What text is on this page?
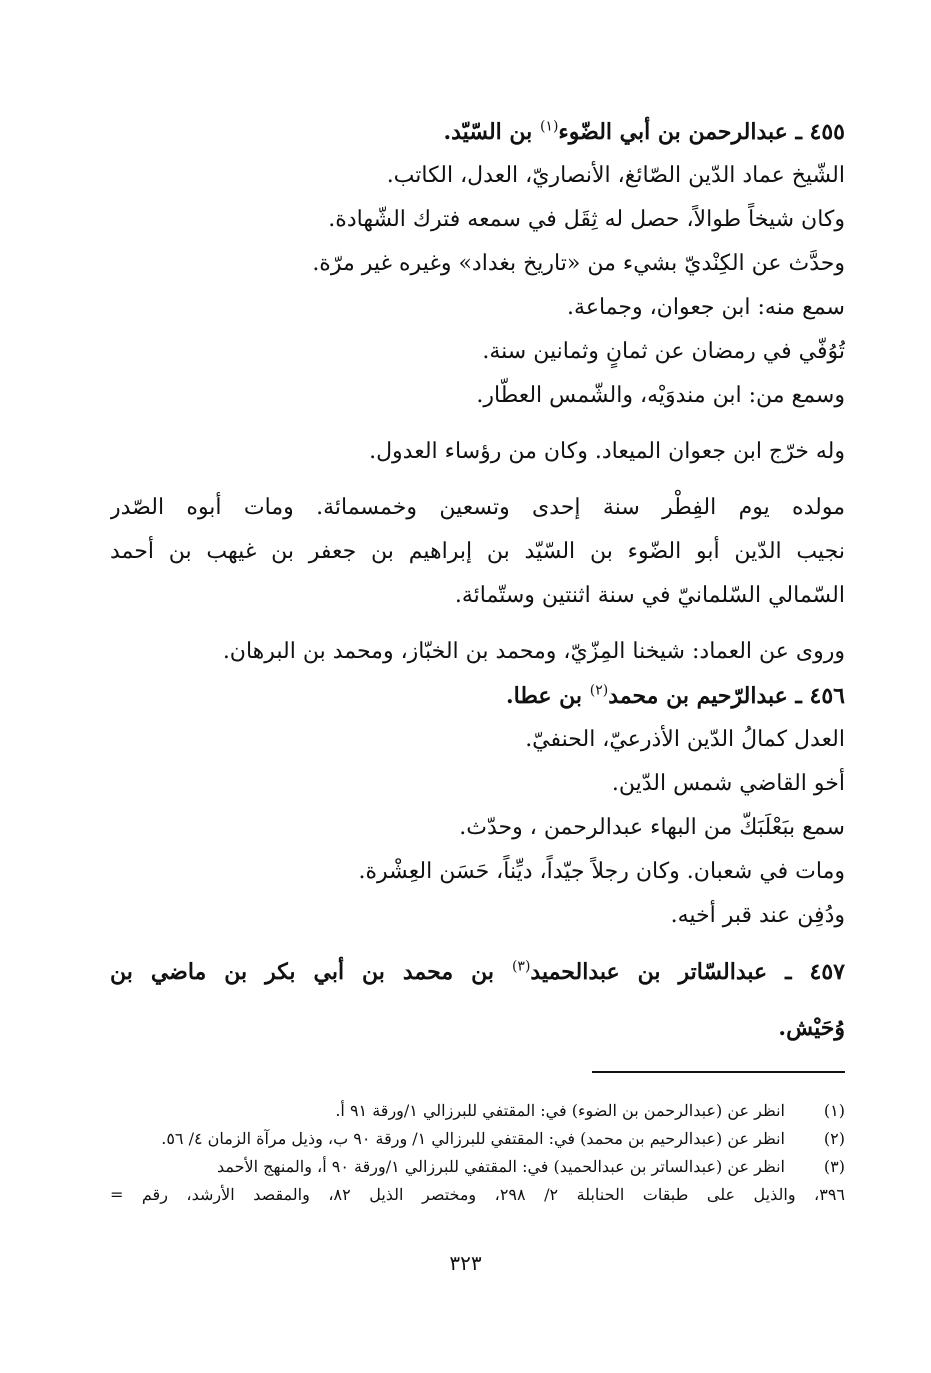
٤٥٥ ـ عبدالرحمن بن أبي الضّوء$^{(١)}$ بن السّيّد.
الشّيخ عماد الدّين الصّائغ، الأنصاريّ، العدل، الكاتب.
وكان شيخاً طوالاً، حصل له ثِقَل في سمعه فترك الشّهادة.
وحدَّث عن الكِنْديّ بشيء من «تاريخ بغداد» وغيره غير مرّة.
سمع منه: ابن جعوان، وجماعة.
تُوُفّي في رمضان عن ثمانٍ وثمانين سنة.
وسمع من: ابن مندوَيْه، والشّمس العطّار.
وله خرّج ابن جعوان الميعاد. وكان من رؤساء العدول.
مولده يوم الفِطْر سنة إحدى وتسعين وخمسمائة. ومات أبوه الصّدر
نجيب الدّين أبو الضّوء بن السّيّد بن إبراهيم بن جعفر بن غيهب بن أحمد
السّمالي السّلمانيّ في سنة اثنتين وستّمائة.
وروى عن العماد: شيخنا المِزّيّ، ومحمد بن الخبّاز، ومحمد بن البرهان.
٤٥٦ ـ عبدالرّحيم بن محمد$^{(٢)}$ بن عطا.
العدل كمالُ الدّين الأذرعيّ، الحنفيّ.
أخو القاضي شمس الدّين.
سمع ببَعْلَبَكّ من البهاء عبدالرحمن ، وحدّث.
ومات في شعبان. وكان رجلاً جيّداً، ديِّناً، حَسَن العِشْرة.
ودُفِن عند قبر أخيه.
٤٥٧ ـ عبدالسّاتر بن عبدالحميد$^{(٣)}$ بن محمد بن أبي بكر بن ماضي بن
وُحَيْش.
(١)
انظر عن (عبدالرحمن بن الضوء) في: المقتفي للبرزالي ١/ورقة ٩١ أ.
(٢)
انظر عن (عبدالرحيم بن محمد) في: المقتفي للبرزالي ١/ ورقة ٩٠ ب، وذيل مرآة الزمان ٤/ ٥٦.
(٣)
انظر عن (عبدالساتر بن عبدالحميد) في: المقتفي للبرزالي ١/ورقة ٩٠ أ، والمنهج الأحمد
٣٩٦، والذيل على طبقات الحنابلة ٢/ ٢٩٨، ومختصر الذيل ٨٢، والمقصد الأرشد، رقم =
٣٢٣
